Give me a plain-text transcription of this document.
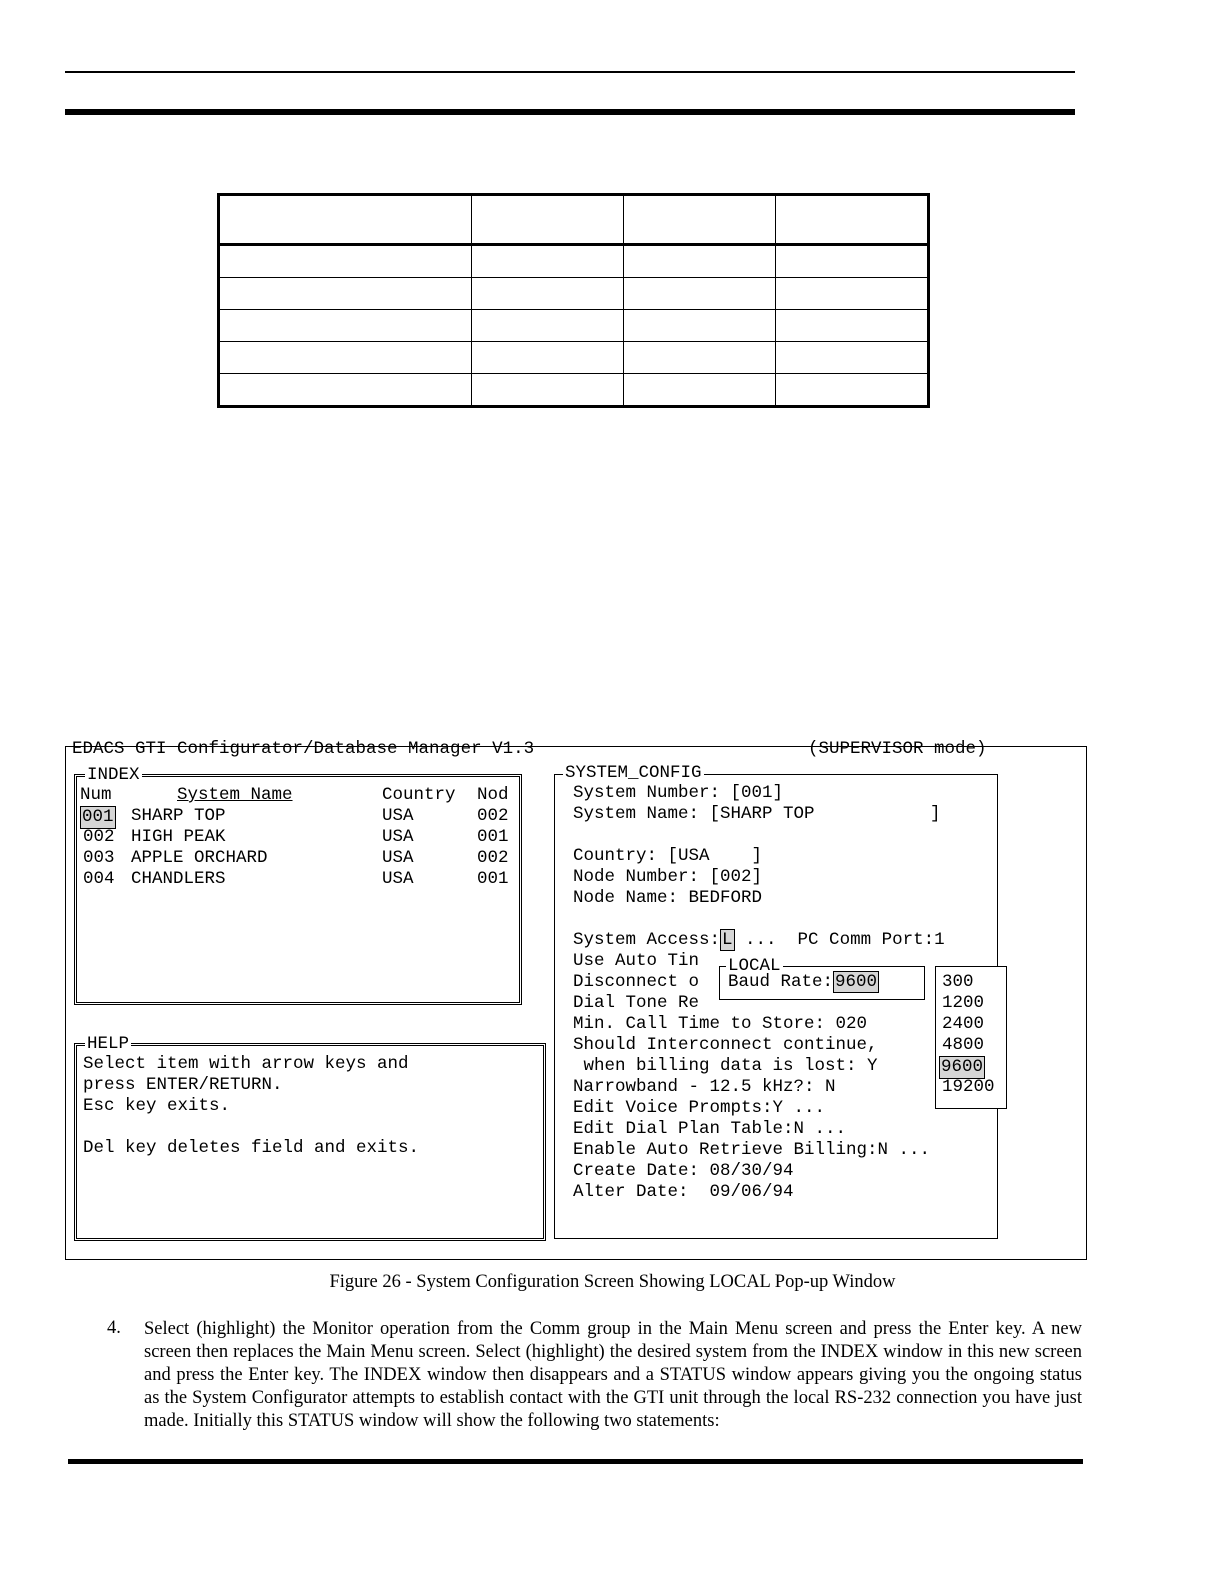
EDACS GTI Configurator/Database Manager V1.3	(SUPERVISOR mode)
INDEX
Num	System Name	Country Nod
001 SHARP TOP	USA	002
002 HIGH PEAK	USA	001
003 APPLE ORCHARD	USA	002
004 CHANDLERS	USA	001
HELP
Select item with arrow keys and
press ENTER/RETURN.
Esc key exits.
Del key deletes field and exits.
SYSTEM_CONFIG
System Number: [001]
System Name: [SHARP TOP           ]
Country: [USA    ]
Node Number: [002]
Node Name: BEDFORD
System Access: L ...  PC Comm Port:1
Use Auto Tin
Disconnect o
Dial Tone Re
Min. Call Time to Store: 020
Should Interconnect continue,
when billing data is lost: Y
Narrowband - 12.5 kHz?: N
Edit Voice Prompts:Y ...
Edit Dial Plan Table:N ...
Enable Auto Retrieve Billing:N ...
Create Date: 08/30/94
Alter Date:  09/06/94
LOCAL
Baud Rate: 9600	300
1200
2400
4800
9600
19200
Figure 26 - System Configuration Screen Showing LOCAL Pop-up Window
4. Select (highlight) the Monitor operation from the Comm group in the Main Menu screen and press the Enter key. A new screen then replaces the Main Menu screen. Select (highlight) the desired system from the INDEX window in this new screen and press the Enter key. The INDEX window then disappears and a STATUS window appears giving you the ongoing status as the System Configurator attempts to establish contact with the GTI unit through the local RS-232 connection you have just made. Initially this STATUS window will show the following two statements:
